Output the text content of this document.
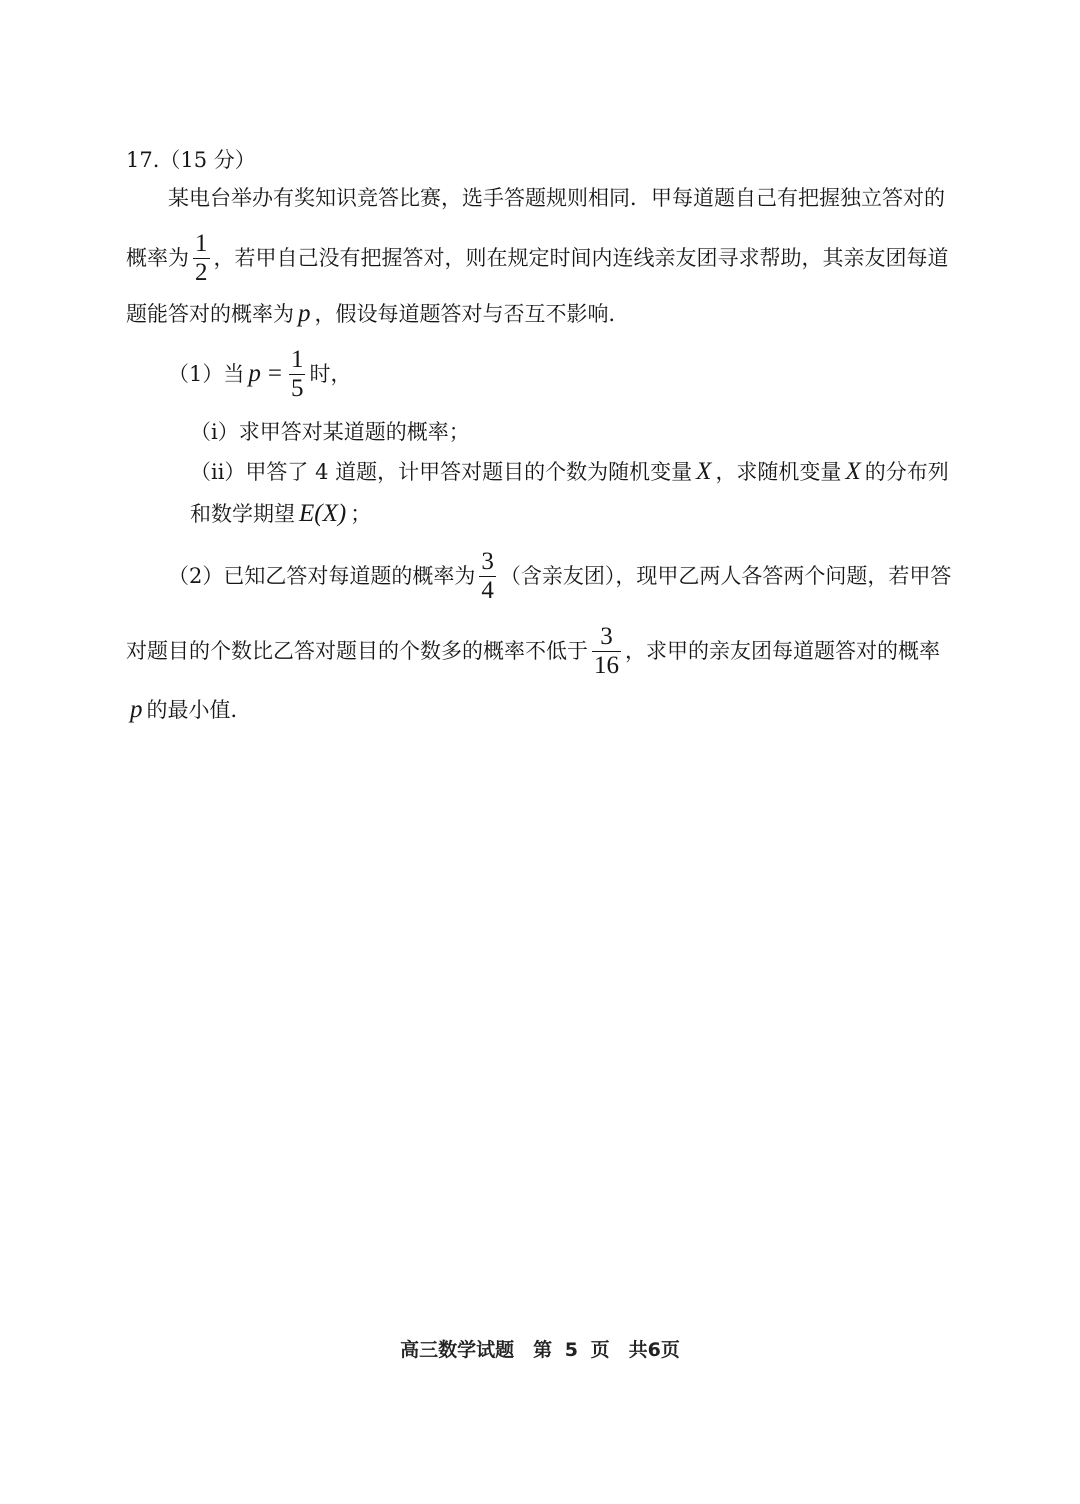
17. （15 分）
某电台举办有奖知识竞答比赛，选手答题规则相同．甲每道题自己有把握独立答对的
概率为 $\frac{1}{2}$ ，若甲自己没有把握答对，则在规定时间内连线亲友团寻求帮助，其亲友团每道
题能答对的概率为 p ，假设每道题答对与否互不影响．
（1）当 $p = \frac{1}{5}$ 时，
（i）求甲答对某道题的概率；
（ii）甲答了 4 道题，计甲答对题目的个数为随机变量 X ，求随机变量 X 的分布列
和数学期望 E(X) ；
（2）已知乙答对每道题的概率为 $\frac{3}{4}$ （含亲友团），现甲乙两人各答两个问题，若甲答
对题目的个数比乙答对题目的个数多的概率不低于 $\frac{3}{16}$ ，求甲的亲友团每道题答对的概率
p 的最小值．
高三数学试题　第 5 页　共6页
